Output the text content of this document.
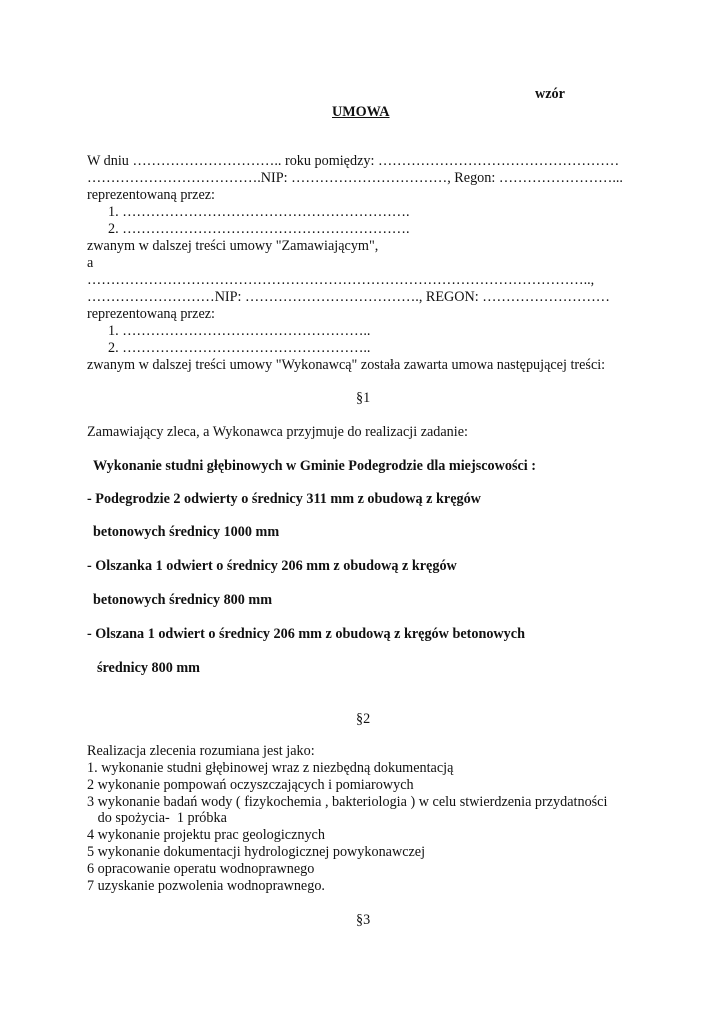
wzór
UMOWA
W dniu ………………………….. roku pomiędzy: ……………………………………………
……………………………….NIP: ……………………………, Regon: ……………………...
reprezentowaną przez:
1. …………………………………………………….
2. …………………………………………………….
zwanym w dalszej treści umowy "Zamawiającym",
a
……………………………………………………………………………………………..,
………………………NIP: ………………………………., REGON: ………………………
reprezentowaną przez:
1. ……………………………………………..
2. ……………………………………………..
zwanym w dalszej treści umowy "Wykonawcą" została zawarta umowa następującej treści:
§1
Zamawiający zleca, a Wykonawca przyjmuje do realizacji zadanie:
Wykonanie studni głębinowych w Gminie Podegrodzie dla miejscowości :
- Podegrodzie 2 odwierty o średnicy 311 mm z obudową z kręgów
betonowych średnicy 1000 mm
- Olszanka 1 odwiert o średnicy 206 mm z obudową z kręgów
betonowych średnicy 800 mm
- Olszana 1 odwiert o średnicy 206 mm z obudową z kręgów betonowych
średnicy 800 mm
§2
Realizacja zlecenia rozumiana jest jako:
1. wykonanie studni głębinowej wraz z niezbędną dokumentacją
2 wykonanie pompowań oczyszczających i pomiarowych
3 wykonanie badań wody ( fizykochemia , bakteriologia ) w celu stwierdzenia przydatności
do spożycia-  1 próbka
4 wykonanie projektu prac geologicznych
5 wykonanie dokumentacji hydrologicznej powykonawczej
6 opracowanie operatu wodnoprawnego
7 uzyskanie pozwolenia wodnoprawnego.
§3
